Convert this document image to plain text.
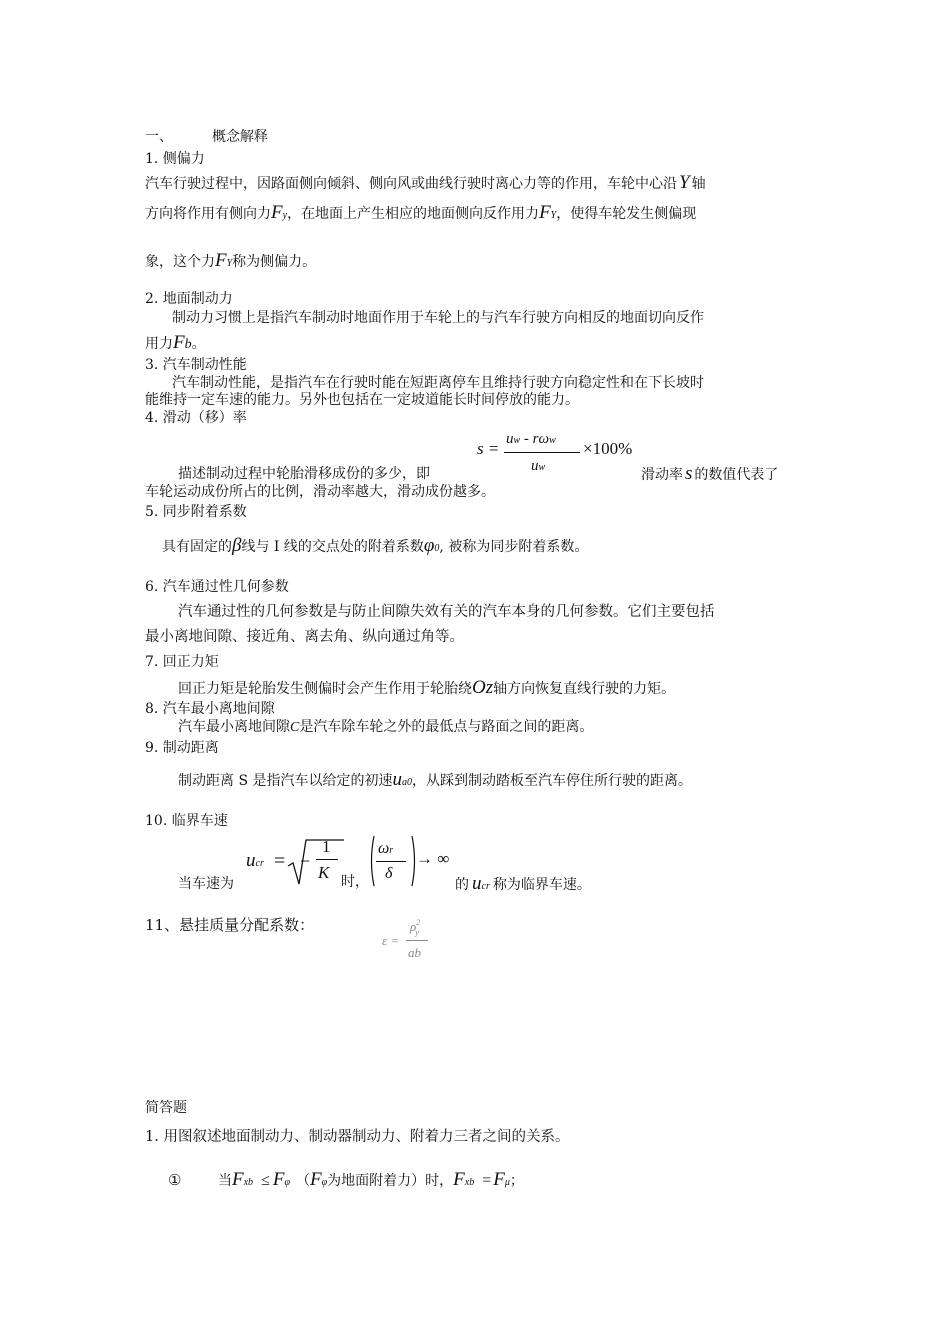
一、	概念解释
1. 侧偏力
汽车行驶过程中，因路面侧向倾斜、侧向风或曲线行驶时离心力等的作用，车轮中心沿 Y 轴
方向将作用有侧向力Fy，在地面上产生相应的地面侧向反作用力FY，使得车轮发生侧偏现
象，这个力FY称为侧偏力。
2. 地面制动力
制动力习惯上是指汽车制动时地面作用于车轮上的与汽车行驶方向相反的地面切向反作
用力Fb。
3. 汽车制动性能
汽车制动性能，是指汽车在行驶时能在短距离停车且维持行驶方向稳定性和在下长坡时
能维持一定车速的能力。另外也包括在一定坡道能长时间停放的能力。
4. 滑动（移）率
s = uw - rωw
uw
×100%
描述制动过程中轮胎滑移成份的多少，即	滑动率 s 的数值代表了
车轮运动成份所占的比例，滑动率越大，滑动成份越多。
5. 同步附着系数
具有固定的β线与 I 线的交点处的附着系数φ0, 被称为同步附着系数。
6. 汽车通过性几何参数
汽车通过性的几何参数是与防止间隙失效有关的汽车本身的几何参数。它们主要包括
最小离地间隙、接近角、离去角、纵向通过角等。
7. 回正力矩
回正力矩是轮胎发生侧偏时会产生作用于轮胎绕Oz轴方向恢复直线行驶的力矩。
8. 汽车最小离地间隙
汽车最小离地间隙C是汽车除车轮之外的最低点与路面之间的距离。
9. 制动距离
制动距离 S 是指汽车以给定的初速ua0，从踩到制动踏板至汽车停住所行驶的距离。
10. 临界车速
ucr = −
1
K 时，
当车速为
ωr
δ
→ ∞
的 ucr 称为临界车速。
11、悬挂质量分配系数：
ε =
$\rho^2_y$
ab
简答题
1. 用图叙述地面制动力、制动器制动力、附着力三者之间的关系。
①	当Fxb ≤ Fφ （Fφ为地面附着力）时，Fxb = Fμ；
